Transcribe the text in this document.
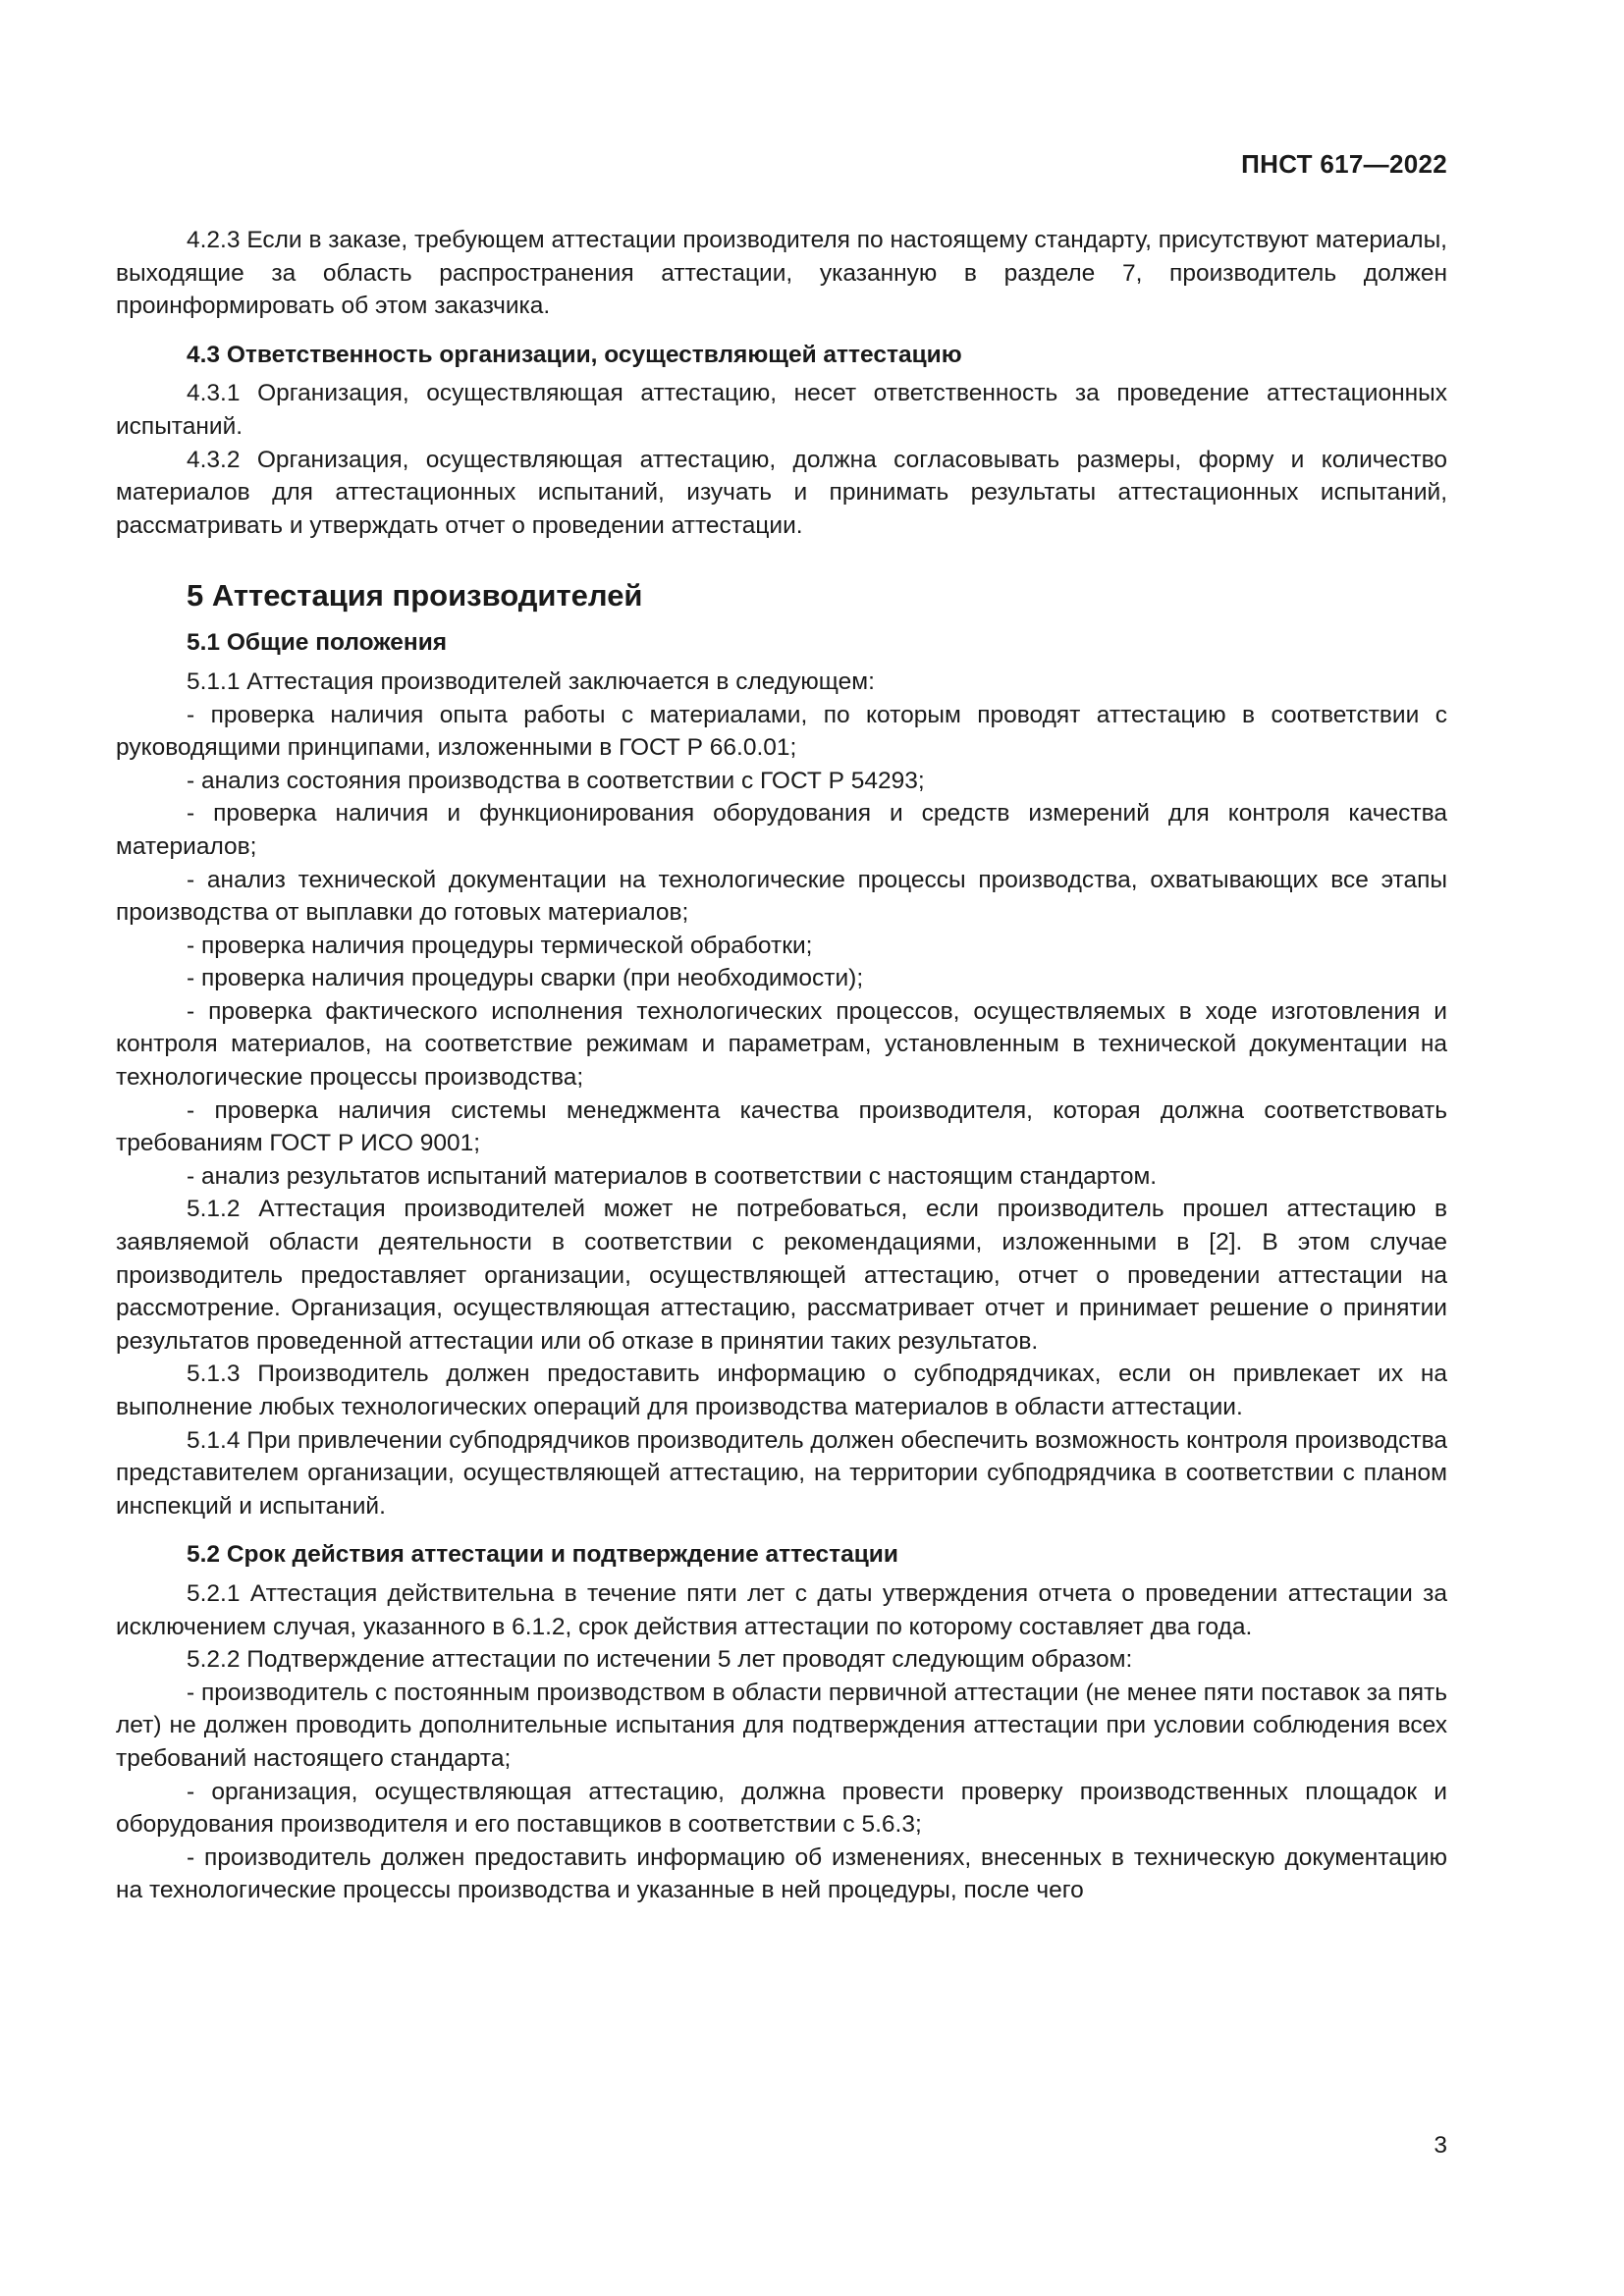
ПНСТ 617—2022

4.2.3 Если в заказе, требующем аттестации производителя по настоящему стандарту, присутствуют материалы, выходящие за область распространения аттестации, указанную в разделе 7, производитель должен проинформировать об этом заказчика.

4.3 Ответственность организации, осуществляющей аттестацию

4.3.1 Организация, осуществляющая аттестацию, несет ответственность за проведение аттестационных испытаний.

4.3.2 Организация, осуществляющая аттестацию, должна согласовывать размеры, форму и количество материалов для аттестационных испытаний, изучать и принимать результаты аттестационных испытаний, рассматривать и утверждать отчет о проведении аттестации.

5 Аттестация производителей
5.1 Общие положения

5.1.1 Аттестация производителей заключается в следующем:

- проверка наличия опыта работы с материалами, по которым проводят аттестацию в соответствии с руководящими принципами, изложенными в ГОСТ Р 66.0.01;

- анализ состояния производства в соответствии с ГОСТ Р 54293;

- проверка наличия и функционирования оборудования и средств измерений для контроля качества материалов;

- анализ технической документации на технологические процессы производства, охватывающих все этапы производства от выплавки до готовых материалов;

- проверка наличия процедуры термической обработки;

- проверка наличия процедуры сварки (при необходимости);

- проверка фактического исполнения технологических процессов, осуществляемых в ходе изготовления и контроля материалов, на соответствие режимам и параметрам, установленным в технической документации на технологические процессы производства;

- проверка наличия системы менеджмента качества производителя, которая должна соответствовать требованиям ГОСТ Р ИСО 9001;

- анализ результатов испытаний материалов в соответствии с настоящим стандартом.

5.1.2 Аттестация производителей может не потребоваться, если производитель прошел аттестацию в заявляемой области деятельности в соответствии с рекомендациями, изложенными в [2]. В этом случае производитель предоставляет организации, осуществляющей аттестацию, отчет о проведении аттестации на рассмотрение. Организация, осуществляющая аттестацию, рассматривает отчет и принимает решение о принятии результатов проведенной аттестации или об отказе в принятии таких результатов.

5.1.3 Производитель должен предоставить информацию о субподрядчиках, если он привлекает их на выполнение любых технологических операций для производства материалов в области аттестации.

5.1.4 При привлечении субподрядчиков производитель должен обеспечить возможность контроля производства представителем организации, осуществляющей аттестацию, на территории субподрядчика в соответствии с планом инспекций и испытаний.

5.2 Срок действия аттестации и подтверждение аттестации

5.2.1 Аттестация действительна в течение пяти лет с даты утверждения отчета о проведении аттестации за исключением случая, указанного в 6.1.2, срок действия аттестации по которому составляет два года.

5.2.2 Подтверждение аттестации по истечении 5 лет проводят следующим образом:

- производитель с постоянным производством в области первичной аттестации (не менее пяти поставок за пять лет) не должен проводить дополнительные испытания для подтверждения аттестации при условии соблюдения всех требований настоящего стандарта;

- организация, осуществляющая аттестацию, должна провести проверку производственных площадок и оборудования производителя и его поставщиков в соответствии с 5.6.3;

- производитель должен предоставить информацию об изменениях, внесенных в техническую документацию на технологические процессы производства и указанные в ней процедуры, после чего

3
